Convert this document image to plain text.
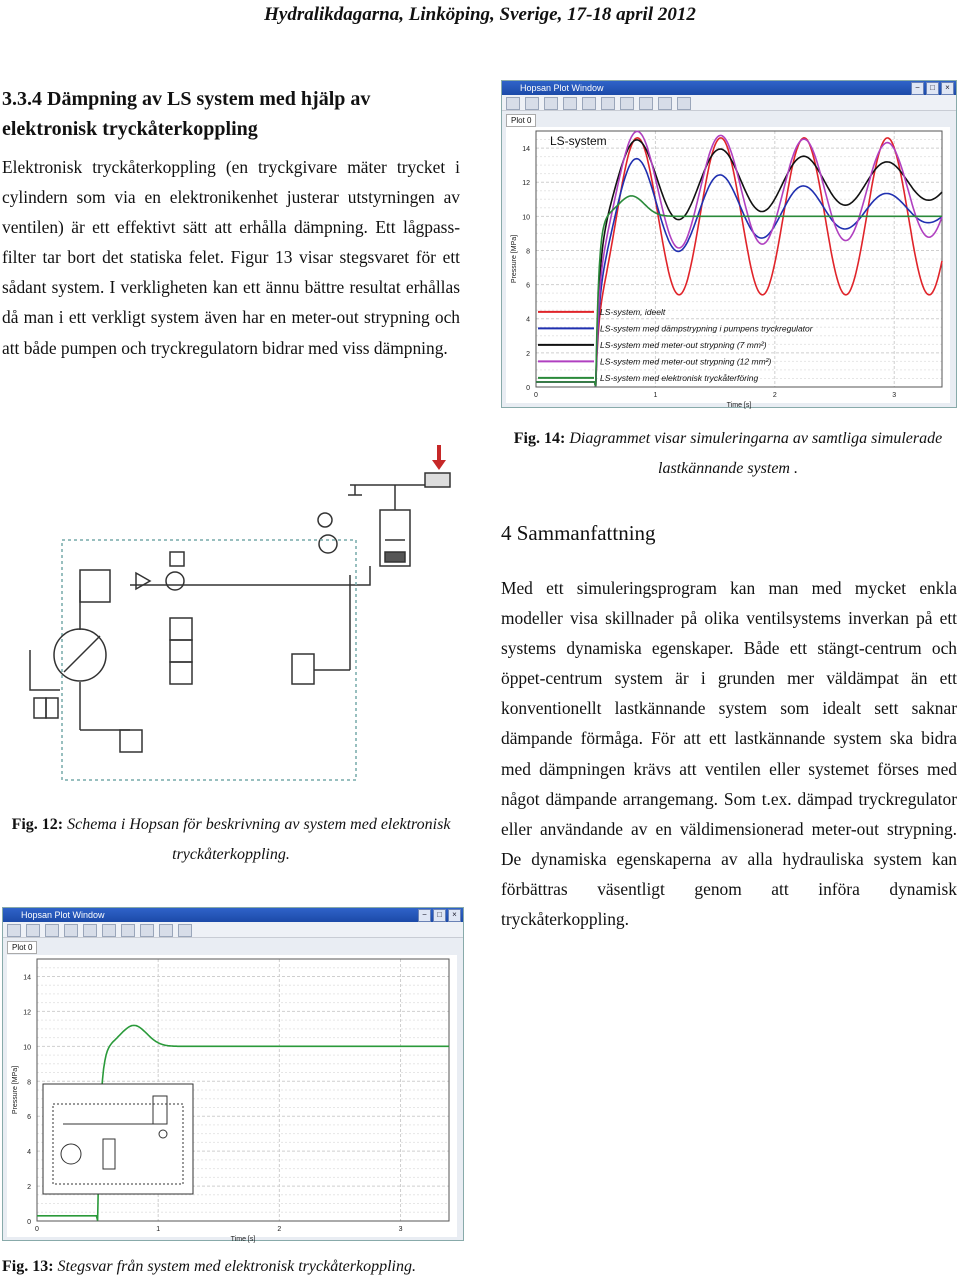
Hydralikdagarna, Linköping, Sverige, 17-18 april 2012
3.3.4 Dämpning av LS system med hjälp av elektronisk tryckåterkoppling
Elektronisk tryckåterkoppling (en tryckgivare mäter trycket i cylindern som via en elektronikenhet justerar utstyrningen av ventilen) är ett effektivt sätt att erhålla dämpning. Ett lågpass-filter tar bort det statiska felet. Figur 13 visar stegsvaret för ett sådant system. I verkligheten kan ett ännu bättre resultat erhållas då man i ett verkligt system även har en meter-out strypning och att både pumpen och tryckregulatorn bidrar med viss dämpning.
Fig. 12: Schema i Hopsan för beskrivning av system med elektronisk tryckåterkoppling.
Hopsan Plot Window	−	□	×
Plot 0
0
2
4
6
8
10
12
14
0	1	2	3
Time [s]
Pressure [MPa]
Fig. 13: Stegsvar från system med elektronisk tryckåterkoppling.
Hopsan Plot Window	−	□	×
Plot 0
0
2
4
6
8
10
12
14
0	1	2	3
Time [s]
Pressure [MPa]
LS-system
LS-system, ideelt
LS-system med dämpstrypning i pumpens tryckregulator
LS-system med meter-out strypning (7 mm²)
LS-system med meter-out strypning (12 mm²)
LS-system med elektronisk tryckåterföring
Fig. 14: Diagrammet visar simuleringarna av samtliga simulerade lastkännande system .
4 Sammanfattning
Med ett simuleringsprogram kan man med mycket enkla modeller visa skillnader på olika ventilsystems inverkan på ett systems dynamiska egenskaper. Både ett stängt-centrum och öppet-centrum system är i grunden mer väldämpat än ett konventionellt lastkännande system som idealt sett saknar dämpande förmåga. För att ett lastkännande system ska bidra med dämpningen krävs att ventilen eller systemet förses med något dämpande arrangemang. Som t.ex. dämpad tryckregulator eller användande av en väldimensionerad meter-out strypning. De dynamiska egenskaperna av alla hydrauliska system kan förbättras väsentligt genom att införa dynamisk tryckåterkoppling.
